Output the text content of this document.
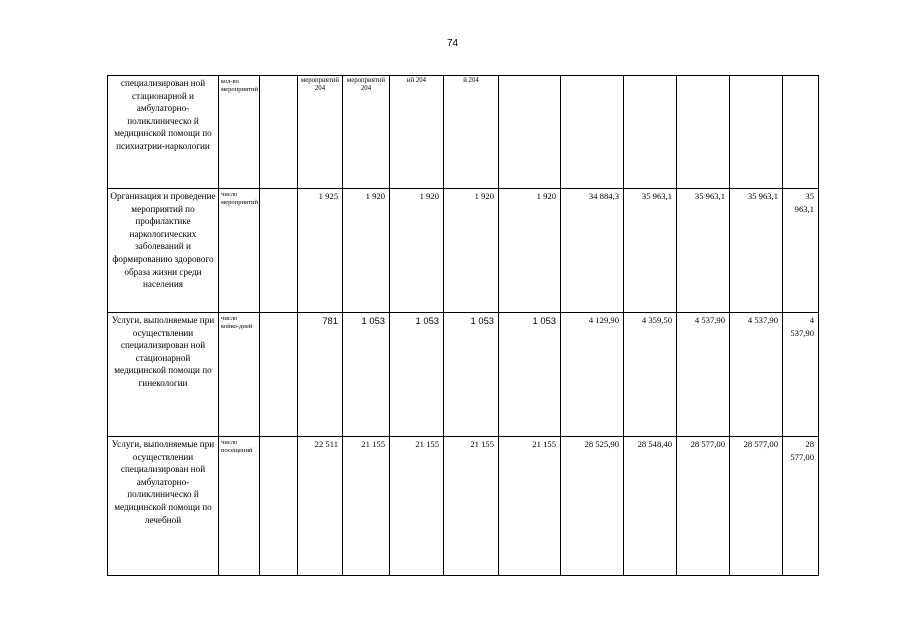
74
специализирован ной стационарной и амбулаторно-поликлиническо й медицинской помощи по психиатрии-наркологии	кол-во мероприятий		мероприятий 204	мероприятий 204	ий 204	й 204						
Организация и проведение мероприятий по профилактике наркологических заболеваний и формированию здорового образа жизни среди населения	число мероприятий		1 925	1 920	1 920	1 920	1 920	34 884,3	35 963,1	35 963,1	35 963,1	35 963,1
Услуги, выполняемые при осуществлении специализирован ной стационарной медицинской помощи по гинекологии	число койко-дней		781	1 053	1 053	1 053	1 053	4 129,90	4 359,50	4 537,90	4 537,90	4 537,90
Услуги, выполняемые при осуществлении специализирован ной амбулаторно-поликлиническо й медицинской помощи по лечебной	число посещений		22 511	21 155	21 155	21 155	21 155	28 525,90	28 548,40	28 577,00	28 577,00	28 577,00
